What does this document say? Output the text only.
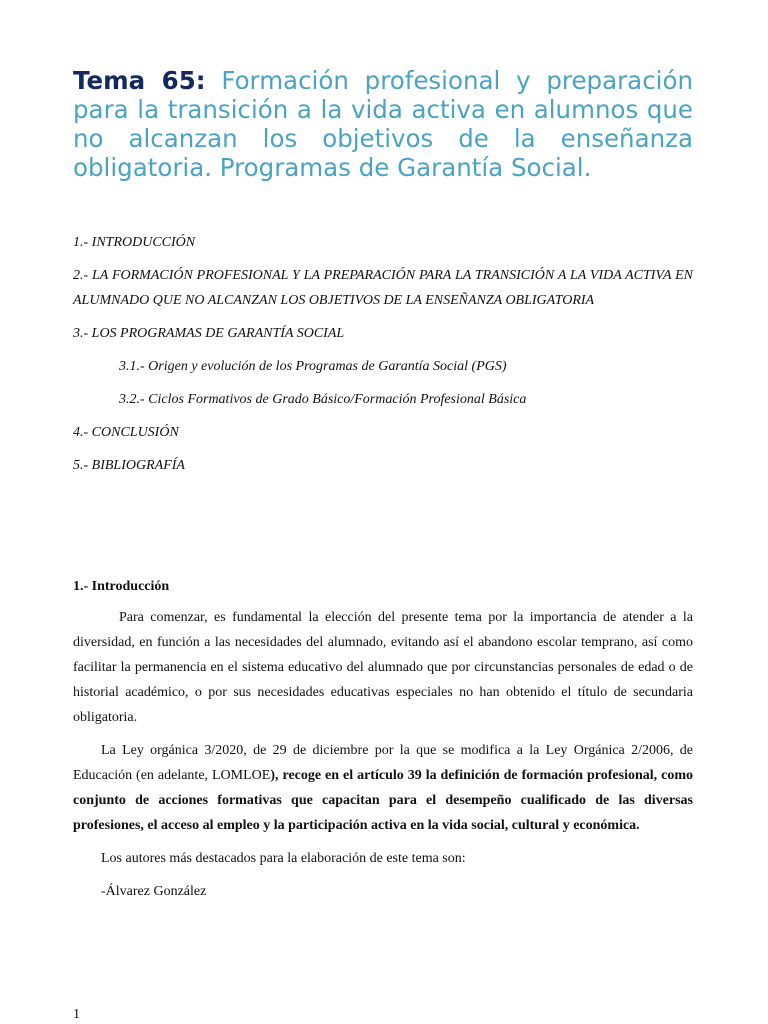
Tema 65: Formación profesional y preparación para la transición a la vida activa en alumnos que no alcanzan los objetivos de la enseñanza obligatoria. Programas de Garantía Social.

1.- INTRODUCCIÓN

2.- LA FORMACIÓN PROFESIONAL Y LA PREPARACIÓN PARA LA TRANSICIÓN A LA VIDA ACTIVA EN ALUMNADO QUE NO ALCANZAN LOS OBJETIVOS DE LA ENSEÑANZA OBLIGATORIA

3.- LOS PROGRAMAS DE GARANTÍA SOCIAL

3.1.- Origen y evolución de los Programas de Garantía Social (PGS)

3.2.- Ciclos Formativos de Grado Básico/Formación Profesional Básica

4.- CONCLUSIÓN

5.- BIBLIOGRAFÍA

1.- Introducción

Para comenzar, es fundamental la elección del presente tema por la importancia de atender a la diversidad, en función a las necesidades del alumnado, evitando así el abandono escolar temprano, así como facilitar la permanencia en el sistema educativo del alumnado que por circunstancias personales de edad o de historial académico, o por sus necesidades educativas especiales no han obtenido el título de secundaria obligatoria.

La Ley orgánica 3/2020, de 29 de diciembre por la que se modifica a la Ley Orgánica 2/2006, de Educación (en adelante, LOMLOE), recoge en el artículo 39 la definición de formación profesional, como conjunto de acciones formativas que capacitan para el desempeño cualificado de las diversas profesiones, el acceso al empleo y la participación activa en la vida social, cultural y económica.

Los autores más destacados para la elaboración de este tema son:

-Álvarez González

1
